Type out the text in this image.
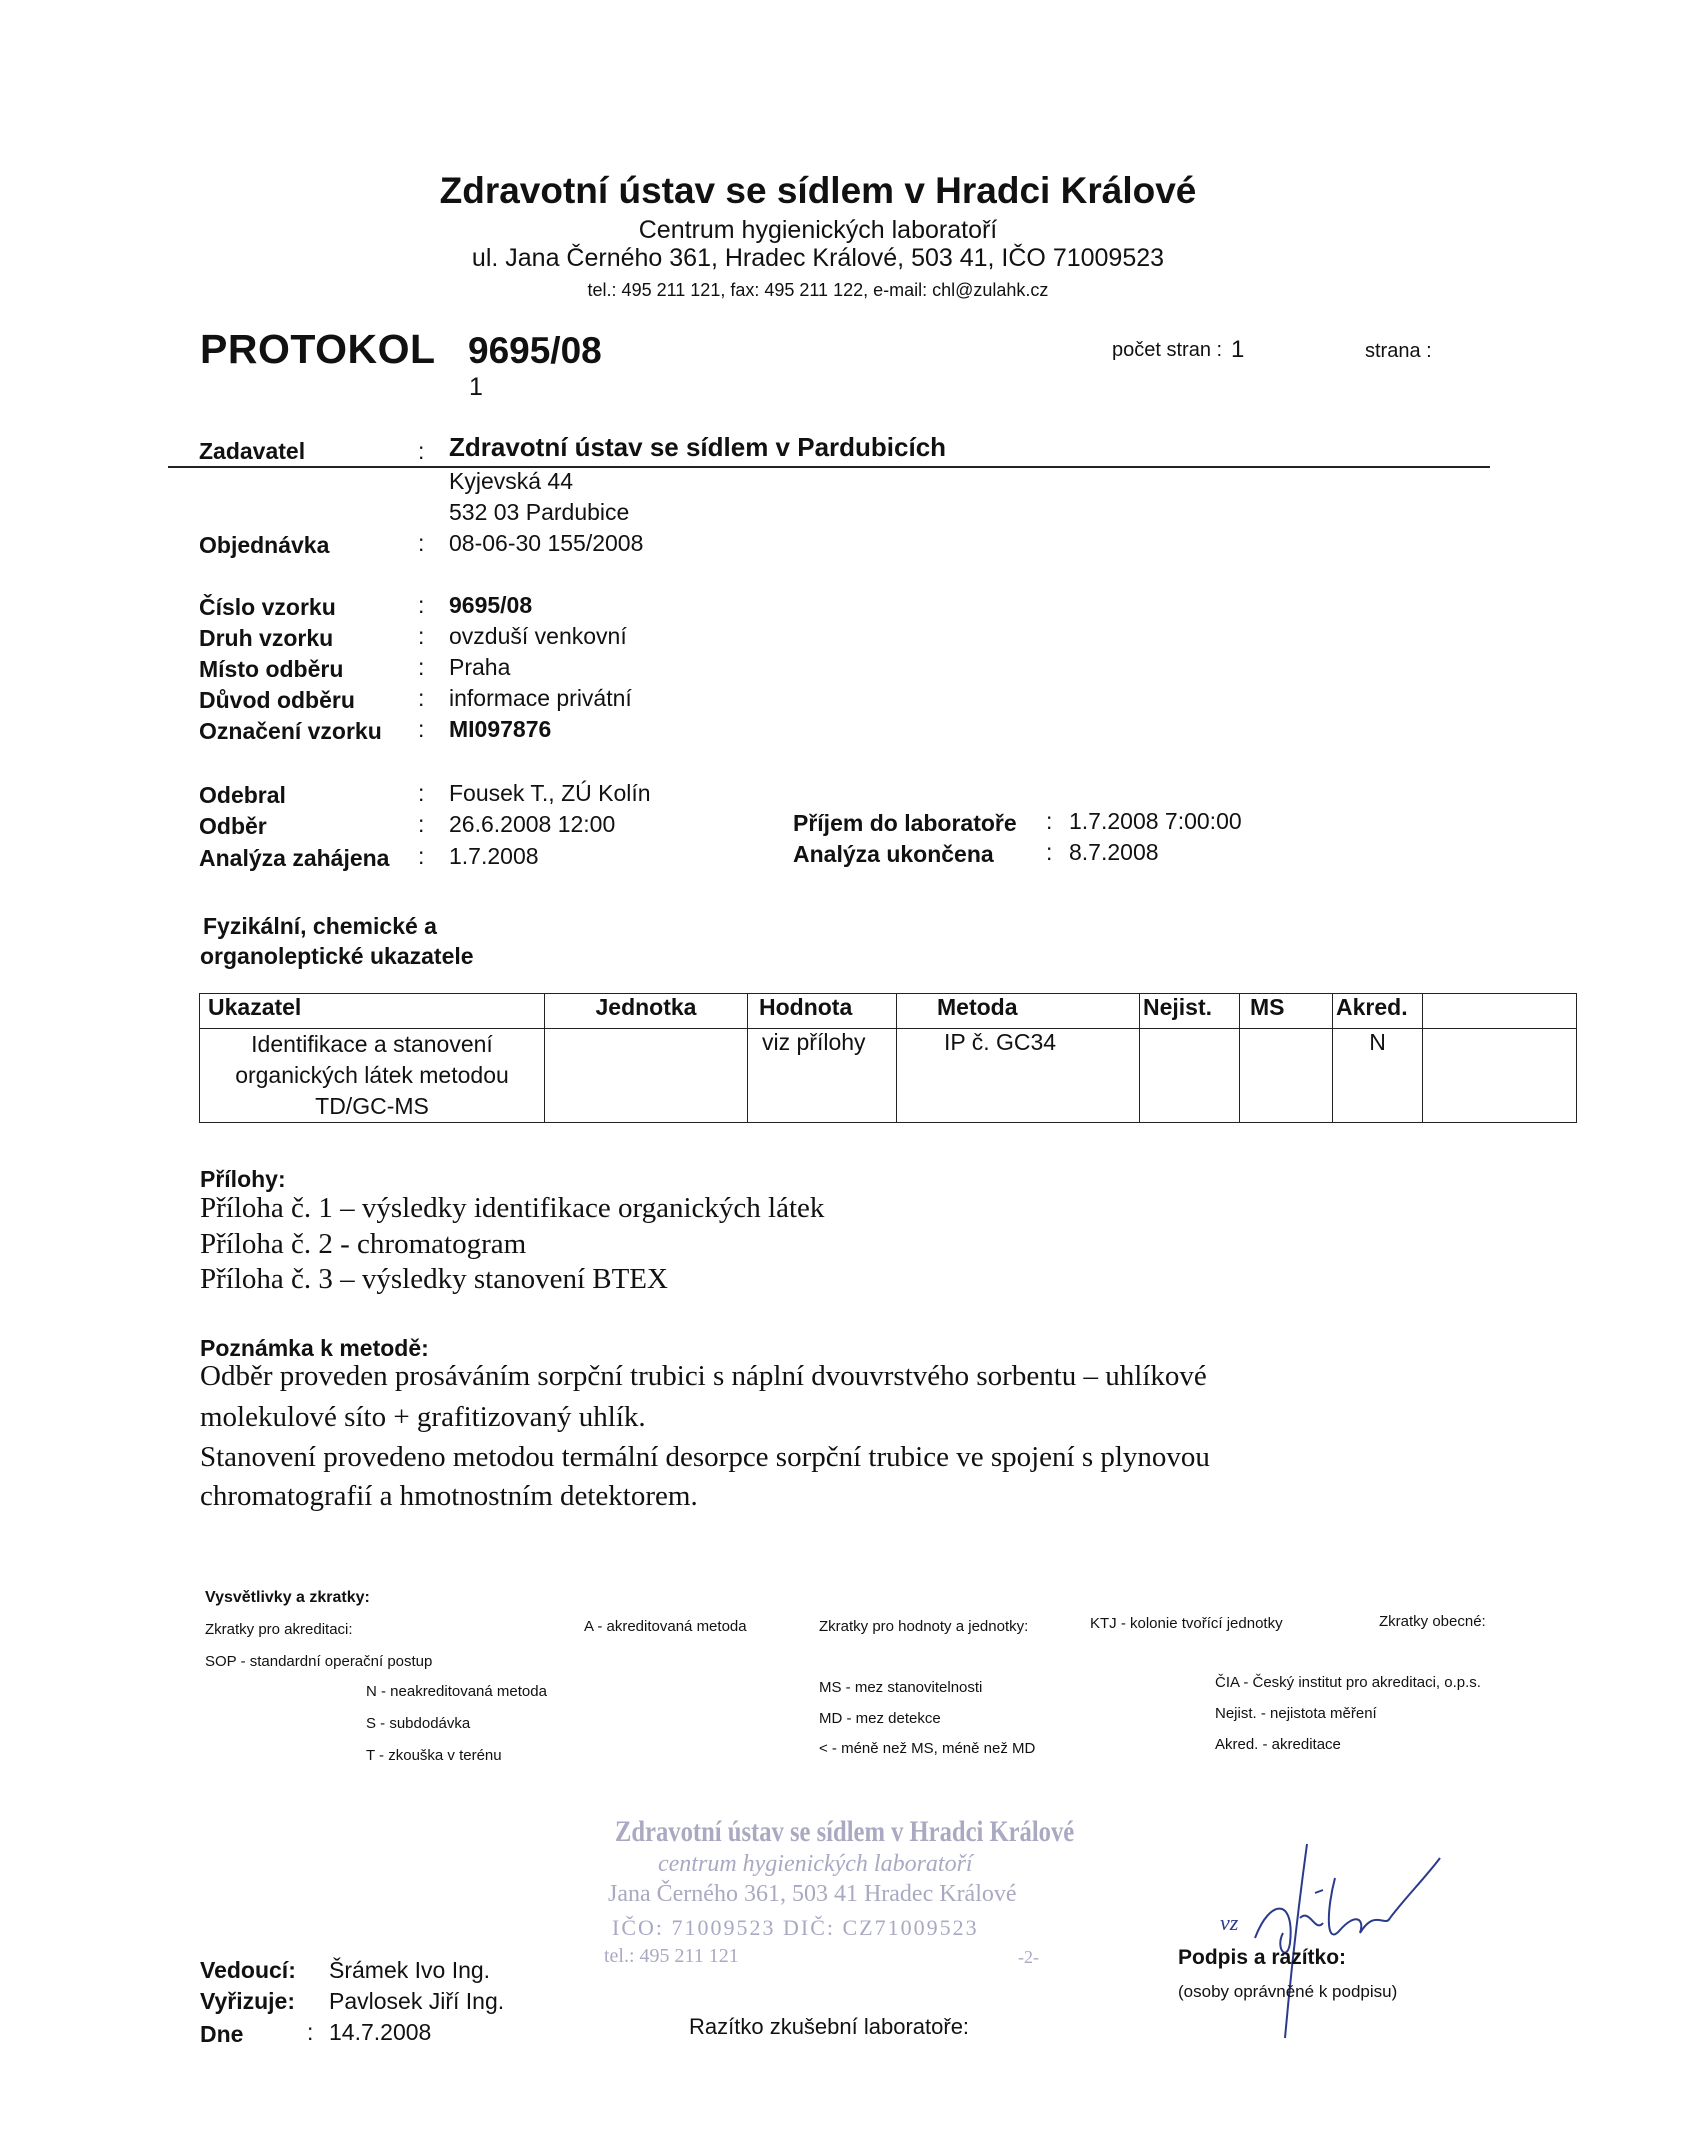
Zdravotní ústav se sídlem v Hradci Králové
Centrum hygienických laboratoří
ul. Jana Černého 361, Hradec Králové, 503 41, IČO 71009523
tel.: 495 211 121, fax: 495 211 122, e-mail: chl@zulahk.cz
PROTOKOL 9695/08
1
počet stran : 1	strana :
Zadavatel	: Zdravotní ústav se sídlem v Pardubicích
Kyjevská 44
532 03 Pardubice
Objednávka	: 08-06-30 155/2008
Číslo vzorku	: 9695/08
Druh vzorku	: ovzduší venkovní
Místo odběru	: Praha
Důvod odběru	: informace privátní
Označení vzorku : MI097876
Odebral	: Fousek T., ZÚ Kolín
Odběr	: 26.6.2008 12:00
Analýza zahájena : 1.7.2008
Příjem do laboratoře : 1.7.2008 7:00:00
Analýza ukončena : 8.7.2008
Fyzikální, chemické a
organoleptické ukazatele
Ukazatel	Jednotka	Hodnota	Metoda	Nejist.	MS	Akred.	

Identifikace a stanovení
organických látek metodou
TD/GC-MS		viz přílohy	IP č. GC34			N	
Přílohy:
Příloha č. 1 – výsledky identifikace organických látek
Příloha č. 2 - chromatogram
Příloha č. 3 – výsledky stanovení BTEX
Poznámka k metodě:
Odběr proveden prosáváním sorpční trubici s náplní dvouvrstvého sorbentu – uhlíkové
molekulové síto + grafitizovaný uhlík.
Stanovení provedeno metodou termální desorpce sorpční trubice ve spojení s plynovou
chromatografií a hmotnostním detektorem.
Vysvětlivky a zkratky:
Zkratky pro akreditaci:	A - akreditovaná metoda	Zkratky pro hodnoty a jednotky:	KTJ - kolonie tvořící jednotky	Zkratky obecné:
SOP - standardní operační postup
N - neakreditovaná metoda
S - subdodávka
T - zkouška v terénu
MS - mez stanovitelnosti
MD - mez detekce
< - méně než MS, méně než MD
ČIA - Český institut pro akreditaci, o.p.s.
Nejist. - nejistota měření
Akred. - akreditace
Zdravotní ústav se sídlem v Hradci Králové
centrum hygienických laboratoří
Jana Černého 361, 503 41 Hradec Králové
IČO: 71009523 DIČ: CZ71009523
tel.: 495 211 121	-2-
vz
Vedoucí: Šrámek Ivo Ing.
Vyřizuje: Pavlosek Jiří Ing.
Dne	: 14.7.2008	Razítko zkušební laboratoře:
Podpis a razítko:
(osoby oprávněné k podpisu)
